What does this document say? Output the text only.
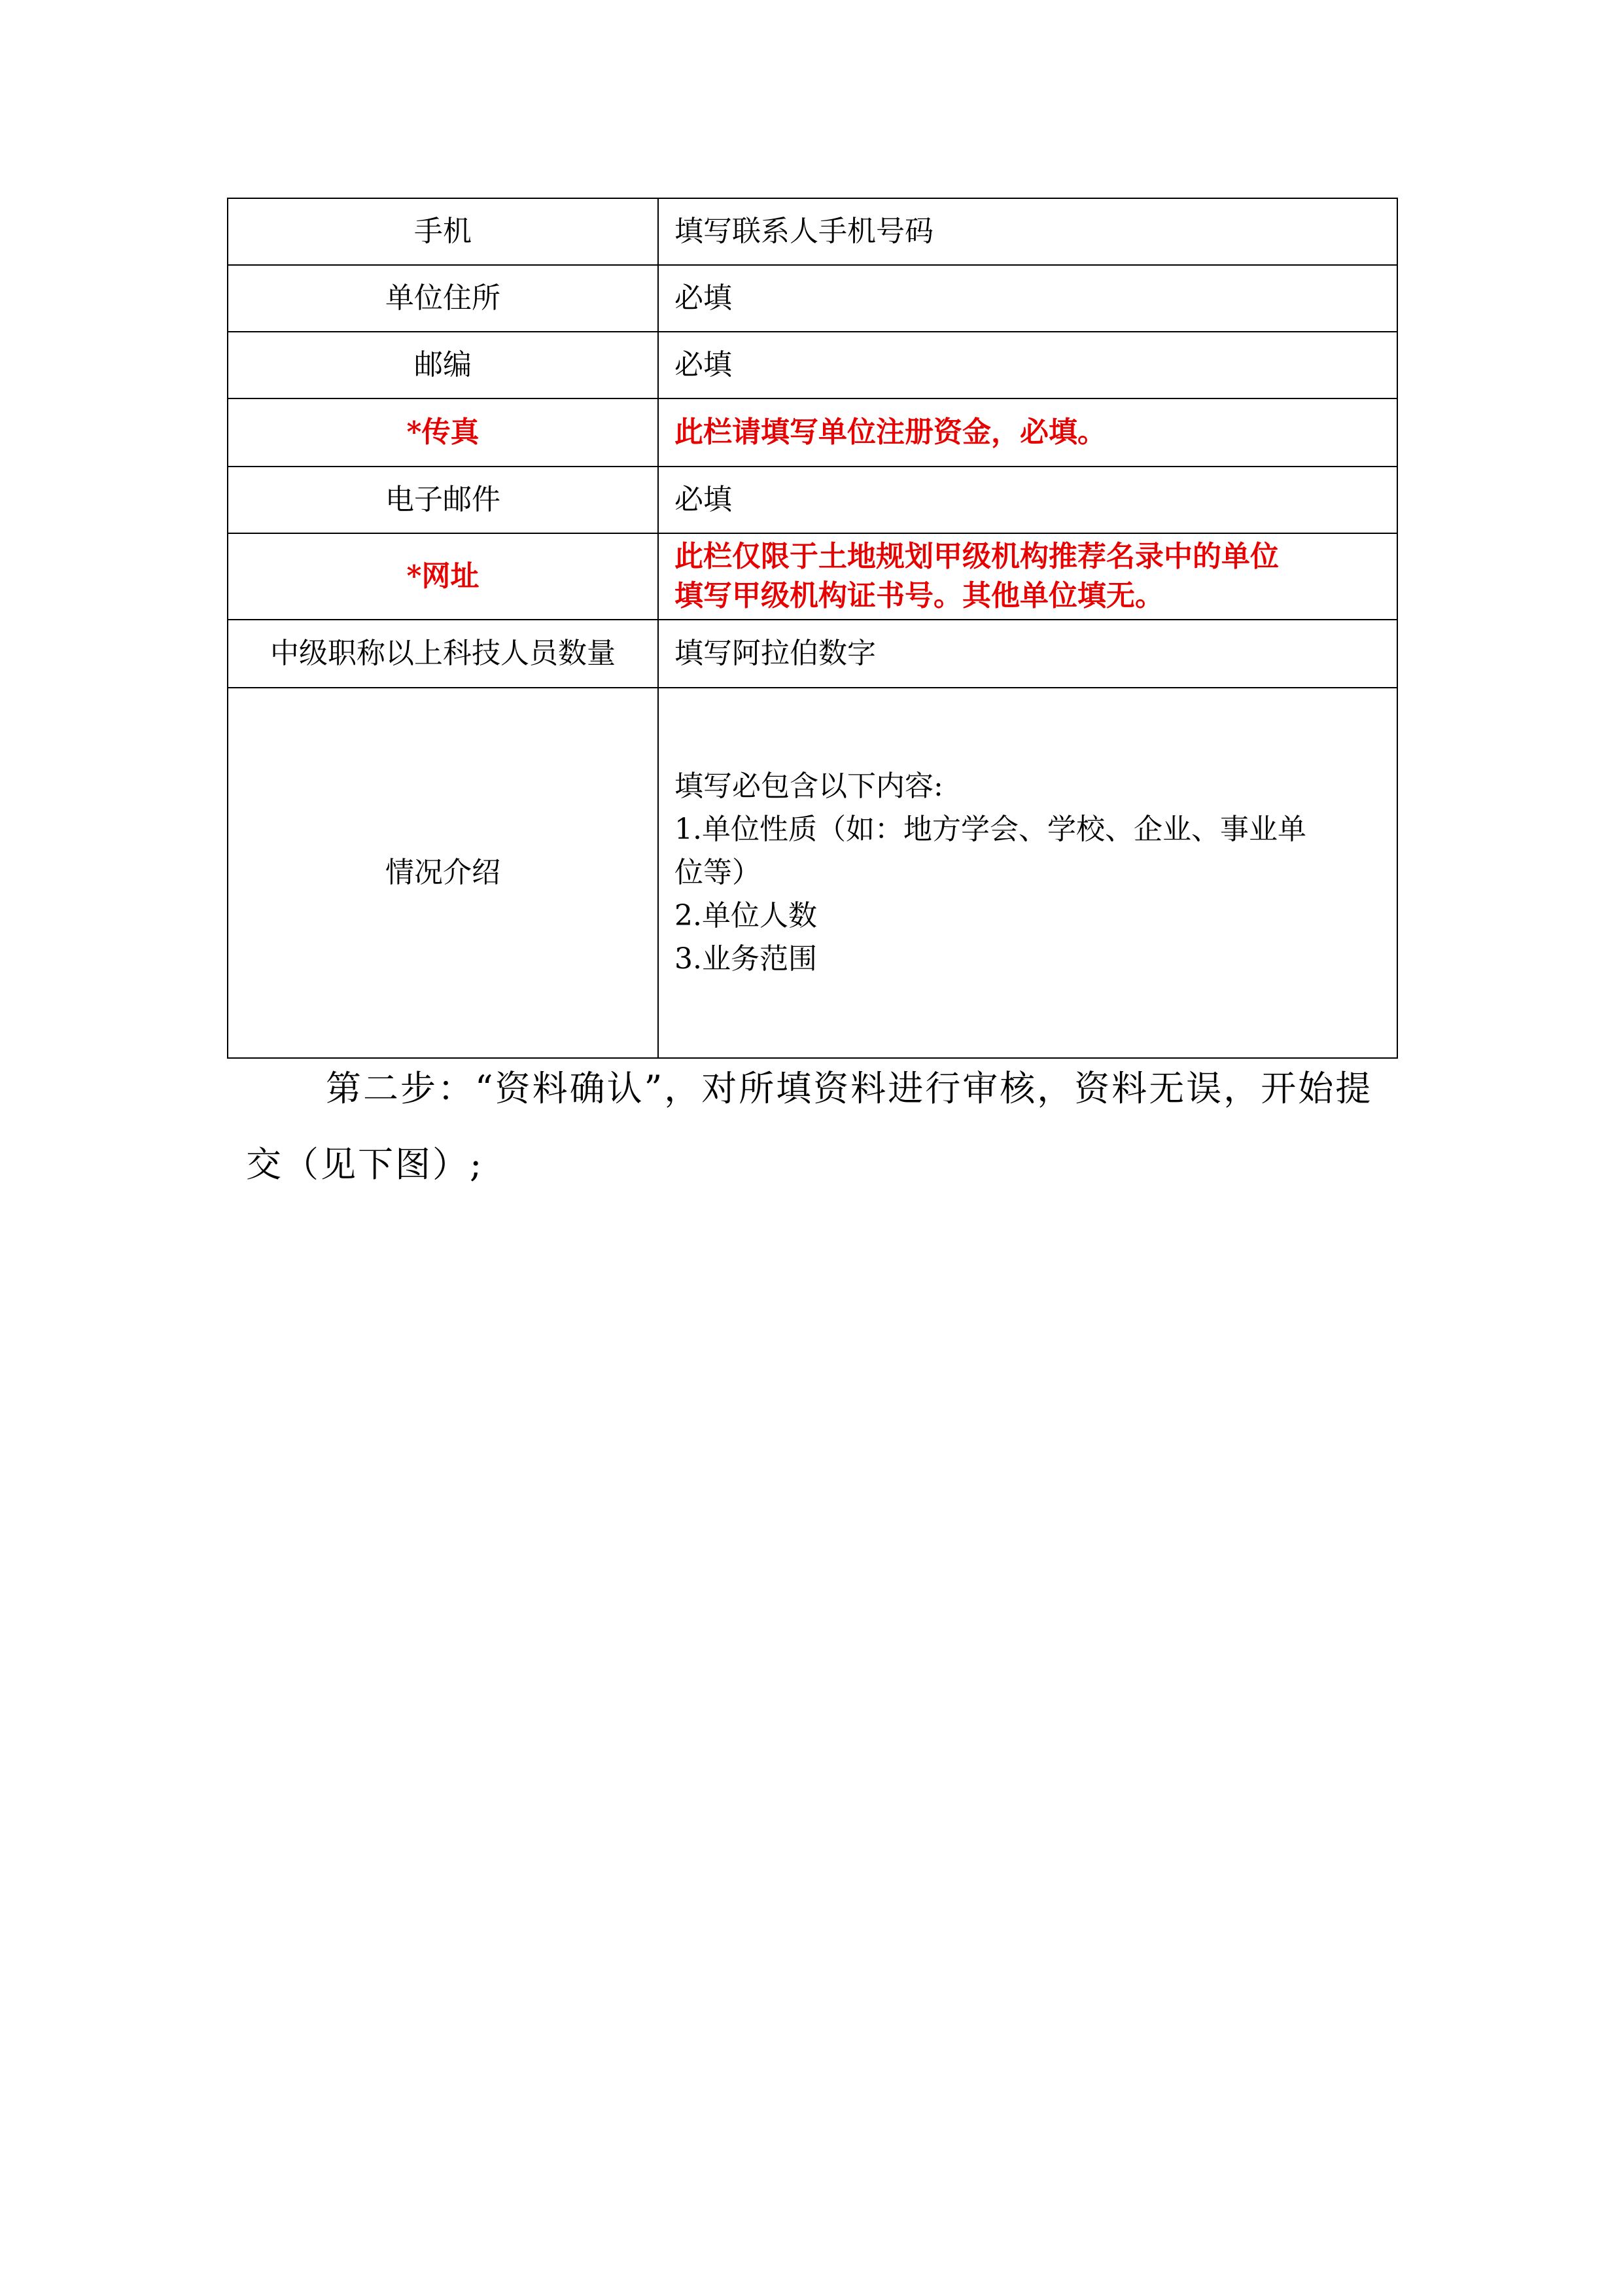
手机	填写联系人手机号码
单位住所	必填
邮编	必填
*传真	此栏请填写单位注册资金，必填。
电子邮件	必填
*网址	此栏仅限于土地规划甲级机构推荐名录中的单位
填写甲级机构证书号。其他单位填无。

中级职称以上科技人员数量	填写阿拉伯数字
情况介绍	填写必包含以下内容:
1.单位性质（如：地方学会、学校、企业、事业单
位等）
2.单位人数
3.业务范围
第二步：“资料确认”，对所填资料进行审核，资料无误，开始提
交（见下图）;
